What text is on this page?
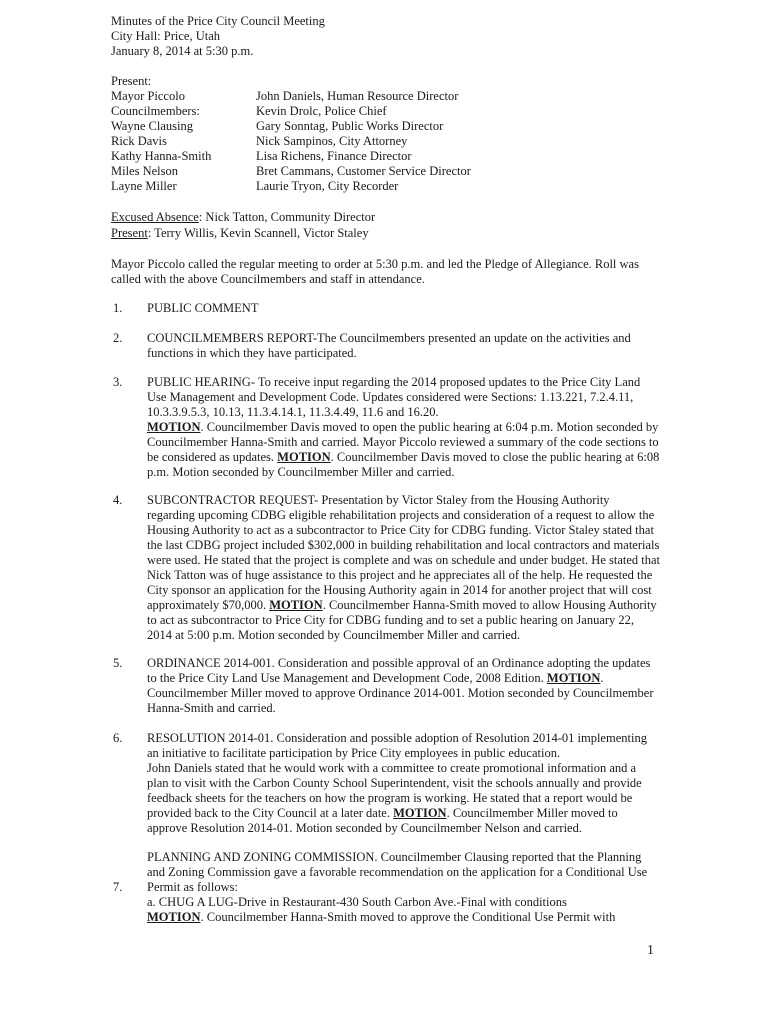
Minutes of the Price City Council Meeting
City Hall: Price, Utah
January 8, 2014 at 5:30 p.m.
Present:
Mayor Piccolo
Councilmembers:
Wayne Clausing
Rick Davis
Kathy Hanna-Smith
Miles Nelson
Layne Miller
John Daniels, Human Resource Director
Kevin Drolc, Police Chief
Gary Sonntag, Public Works Director
Nick Sampinos, City Attorney
Lisa Richens, Finance Director
Bret Cammans, Customer Service Director
Laurie Tryon, City Recorder
Excused Absence: Nick Tatton, Community Director
Present: Terry Willis, Kevin Scannell, Victor Staley
Mayor Piccolo called the regular meeting to order at 5:30 p.m. and led the Pledge of Allegiance. Roll was
called with the above Councilmembers and staff in attendance.
1. PUBLIC COMMENT

2. COUNCILMEMBERS REPORT-The Councilmembers presented an update on the activities and

functions in which they have participated.

3. PUBLIC HEARING- To receive input regarding the 2014 proposed updates to the Price City Land

Use Management and Development Code. Updates considered were Sections: 1.13.221, 7.2.4.11,

10.3.3.9.5.3, 10.13, 11.3.4.14.1, 11.3.4.49, 11.6 and 16.20.

MOTION. Councilmember Davis moved to open the public hearing at 6:04 p.m. Motion seconded by

Councilmember Hanna-Smith and carried. Mayor Piccolo reviewed a summary of the code sections to

be considered as updates. MOTION. Councilmember Davis moved to close the public hearing at 6:08

p.m. Motion seconded by Councilmember Miller and carried.

4. SUBCONTRACTOR REQUEST- Presentation by Victor Staley from the Housing Authority

regarding upcoming CDBG eligible rehabilitation projects and consideration of a request to allow the

Housing Authority to act as a subcontractor to Price City for CDBG funding. Victor Staley stated that

the last CDBG project included $302,000 in building rehabilitation and local contractors and materials

were used. He stated that the project is complete and was on schedule and under budget. He stated that

Nick Tatton was of huge assistance to this project and he appreciates all of the help. He requested the

City sponsor an application for the Housing Authority again in 2014 for another project that will cost

approximately $70,000. MOTION. Councilmember Hanna-Smith moved to allow Housing Authority

to act as subcontractor to Price City for CDBG funding and to set a public hearing on January 22,

2014 at 5:00 p.m. Motion seconded by Councilmember Miller and carried.

5. ORDINANCE 2014-001. Consideration and possible approval of an Ordinance adopting the updates

to the Price City Land Use Management and Development Code, 2008 Edition. MOTION.

Councilmember Miller moved to approve Ordinance 2014-001. Motion seconded by Councilmember

Hanna-Smith and carried.

6. RESOLUTION 2014-01. Consideration and possible adoption of Resolution 2014-01 implementing

an initiative to facilitate participation by Price City employees in public education.

John Daniels stated that he would work with a committee to create promotional information and a

plan to visit with the Carbon County School Superintendent, visit the schools annually and provide

feedback sheets for the teachers on how the program is working. He stated that a report would be

provided back to the City Council at a later date. MOTION. Councilmember Miller moved to

approve Resolution 2014-01. Motion seconded by Councilmember Nelson and carried.

7.

PLANNING AND ZONING COMMISSION. Councilmember Clausing reported that the Planning

and Zoning Commission gave a favorable recommendation on the application for a Conditional Use

Permit as follows:

a. CHUG A LUG-Drive in Restaurant-430 South Carbon Ave.-Final with conditions

MOTION. Councilmember Hanna-Smith moved to approve the Conditional Use Permit with

1
